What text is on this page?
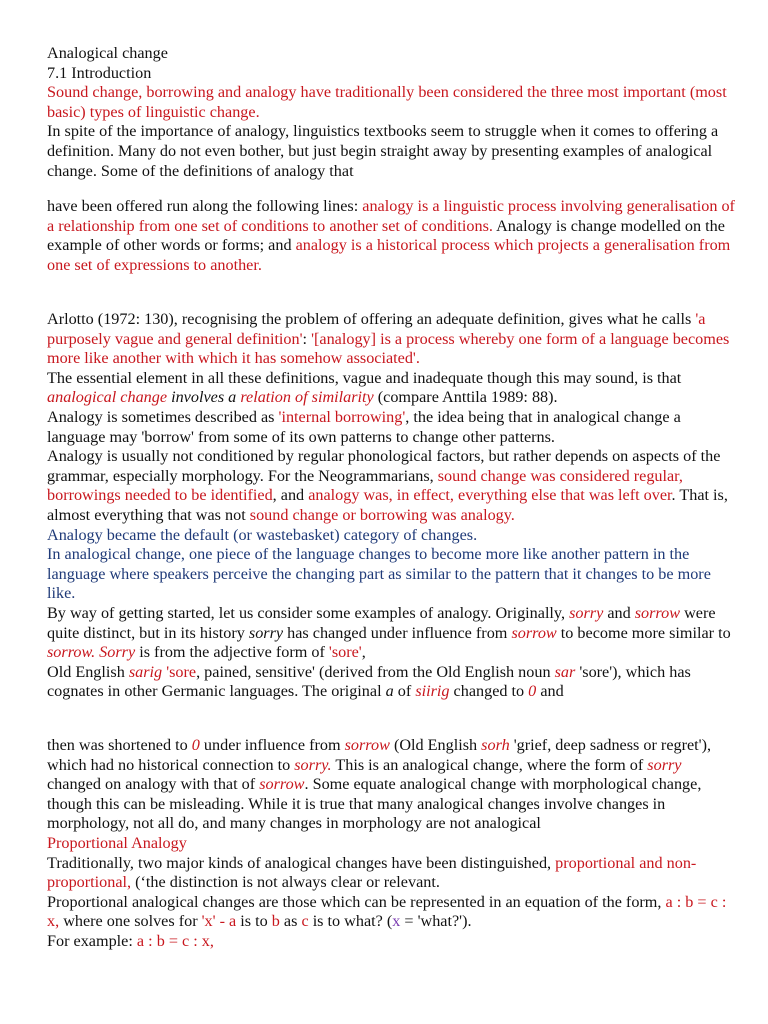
Analogical change

7.1 Introduction

Sound change, borrowing and analogy have traditionally been considered the three most important (most basic) types of linguistic change.

In spite of the importance of analogy, linguistics textbooks seem to struggle when it comes to offering a definition. Many do not even bother, but just begin straight away by presenting examples of analogical change. Some of the definitions of analogy that

have been offered run along the following lines: analogy is a linguistic process involving generalisation of a relationship from one set of conditions to another set of conditions. Analogy is change modelled on the example of other words or forms; and analogy is a historical process which projects a generalisation from one set of expressions to another.

Arlotto (1972: 130), recognising the problem of offering an adequate definition, gives what he calls 'a purposely vague and general definition': '[analogy] is a process whereby one form of a language becomes more like another with which it has somehow associated'.

The essential element in all these definitions, vague and inadequate though this may sound, is that analogical change involves a relation of similarity (compare Anttila 1989: 88).

Analogy is sometimes described as 'internal borrowing', the idea being that in analogical change a language may 'borrow' from some of its own patterns to change other patterns.

Analogy is usually not conditioned by regular phonological factors, but rather depends on aspects of the grammar, especially morphology. For the Neogrammarians, sound change was considered regular, borrowings needed to be identified, and analogy was, in effect, everything else that was left over. That is, almost everything that was not sound change or borrowing was analogy.

Analogy became the default (or wastebasket) category of changes.

In analogical change, one piece of the language changes to become more like another pattern in the language where speakers perceive the changing part as similar to the pattern that it changes to be more like.

By way of getting started, let us consider some examples of analogy. Originally, sorry and sorrow were quite distinct, but in its history sorry has changed under influence from sorrow to become more similar to sorrow. Sorry is from the adjective form of 'sore',

Old English sarig 'sore, pained, sensitive' (derived from the Old English noun sar 'sore'), which has cognates in other Germanic languages. The original a of siirig changed to 0 and

then was shortened to 0 under influence from sorrow (Old English sorh 'grief, deep sadness or regret'), which had no historical connection to sorry. This is an analogical change, where the form of sorry changed on analogy with that of sorrow. Some equate analogical change with morphological change, though this can be misleading. While it is true that many analogical changes involve changes in morphology, not all do, and many changes in morphology are not analogical

Proportional Analogy

Traditionally, two major kinds of analogical changes have been distinguished, proportional and non-proportional, (‘the distinction is not always clear or relevant.

Proportional analogical changes are those which can be represented in an equation of the form, a : b = c : x, where one solves for 'x' - a is to b as c is to what? (x = 'what?').

For example: a : b = c : x,
